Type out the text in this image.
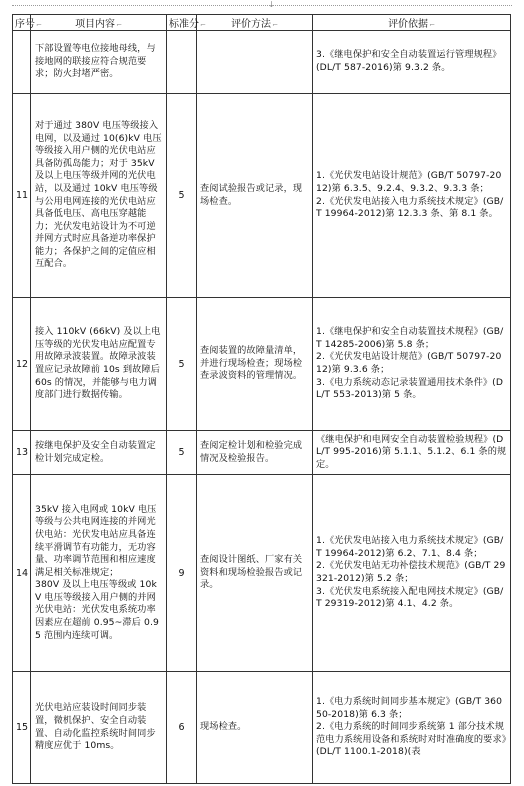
↓
序号⌐	项目内容⌐	标准分⌐	评价方法⌐	评价依据⌐

	下部设置等电位接地母线，与接地网的联接应符合规范要求；防火封堵严密。			3.《继电保护和安全自动装置运行管理规程》(DL/T 587-2016)第 9.3.2 条。

11	对于通过 380V 电压等级接入电网，以及通过 10(6)kV 电压等级接入用户侧的光伏电站应具备防孤岛能力；对于 35kV 及以上电压等级并网的光伏电站，以及通过 10kV 电压等级与公用电网连接的光伏电站应具备低电压、高电压穿越能力；光伏发电站设计为不可逆并网方式时应具备逆功率保护能力；各保护之间的定值应相互配合。	5	查阅试验报告或记录，现场检查。	1.《光伏发电站设计规范》(GB/T 50797-2012)第 6.3.5、9.2.4、9.3.2、9.3.3 条；
2.《光伏发电站接入电力系统技术规定》(GB/T 19964-2012)第 12.3.3 条、第 8.1 条。

12	接入 110kV (66kV) 及以上电压等级的光伏发电站应配置专用故障录波装置。故障录波装置应记录故障前 10s 到故障后 60s 的情况，并能够与电力调度部门进行数据传输。	5	查阅装置的故障量清单，并进行现场检查；现场检查录波资料的管理情况。	1.《继电保护和安全自动装置技术规程》(GB/T 14285-2006)第 5.8 条；
2.《光伏发电站设计规范》(GB/T 50797-2012)第 9.3.6 条；
3.《电力系统动态记录装置通用技术条件》(DL/T 553-2013)第 5 条。

13	按继电保护及安全自动装置定检计划完成定检。	5	查阅定检计划和检验完成情况及检验报告。	《继电保护和电网安全自动装置检验规程》(DL/T 995-2016)第 5.1.1、5.1.2、6.1 条的规定。

14	35kV 接入电网或 10kV 电压等级与公共电网连接的并网光伏电站：光伏发电站应具备连续平滑调节有功能力，无功容量、功率调节范围和相应速度满足相关标准规定；
380V 及以上电压等级或 10kV 电压等级接入用户侧的并网光伏电站：光伏发电系统功率因素应在超前 0.95~滞后 0.95 范围内连续可调。	9	查阅设计图纸、厂家有关资料和现场检验报告或记录。	1.《光伏发电站接入电力系统技术规定》(GB/T 19964-2012)第 6.2、7.1、8.4 条；
2.《光伏发电站无功补偿技术规范》(GB/T 29321-2012)第 5.2 条；
3.《光伏发电系统接入配电网技术规定》(GB/T 29319-2012)第 4.1、4.2 条。

15	光伏电站应装设时间同步装置，微机保护、安全自动装置、自动化监控系统时间同步精度应优于 10ms。	6	现场检查。	1.《电力系统时间同步基本规定》(GB/T 36050-2018)第 6.3 条；
2.《电力系统的时间同步系统第 1 部分技术规范电力系统用设备和系统时对时准确度的要求》(DL/T 1100.1-2018)(表
